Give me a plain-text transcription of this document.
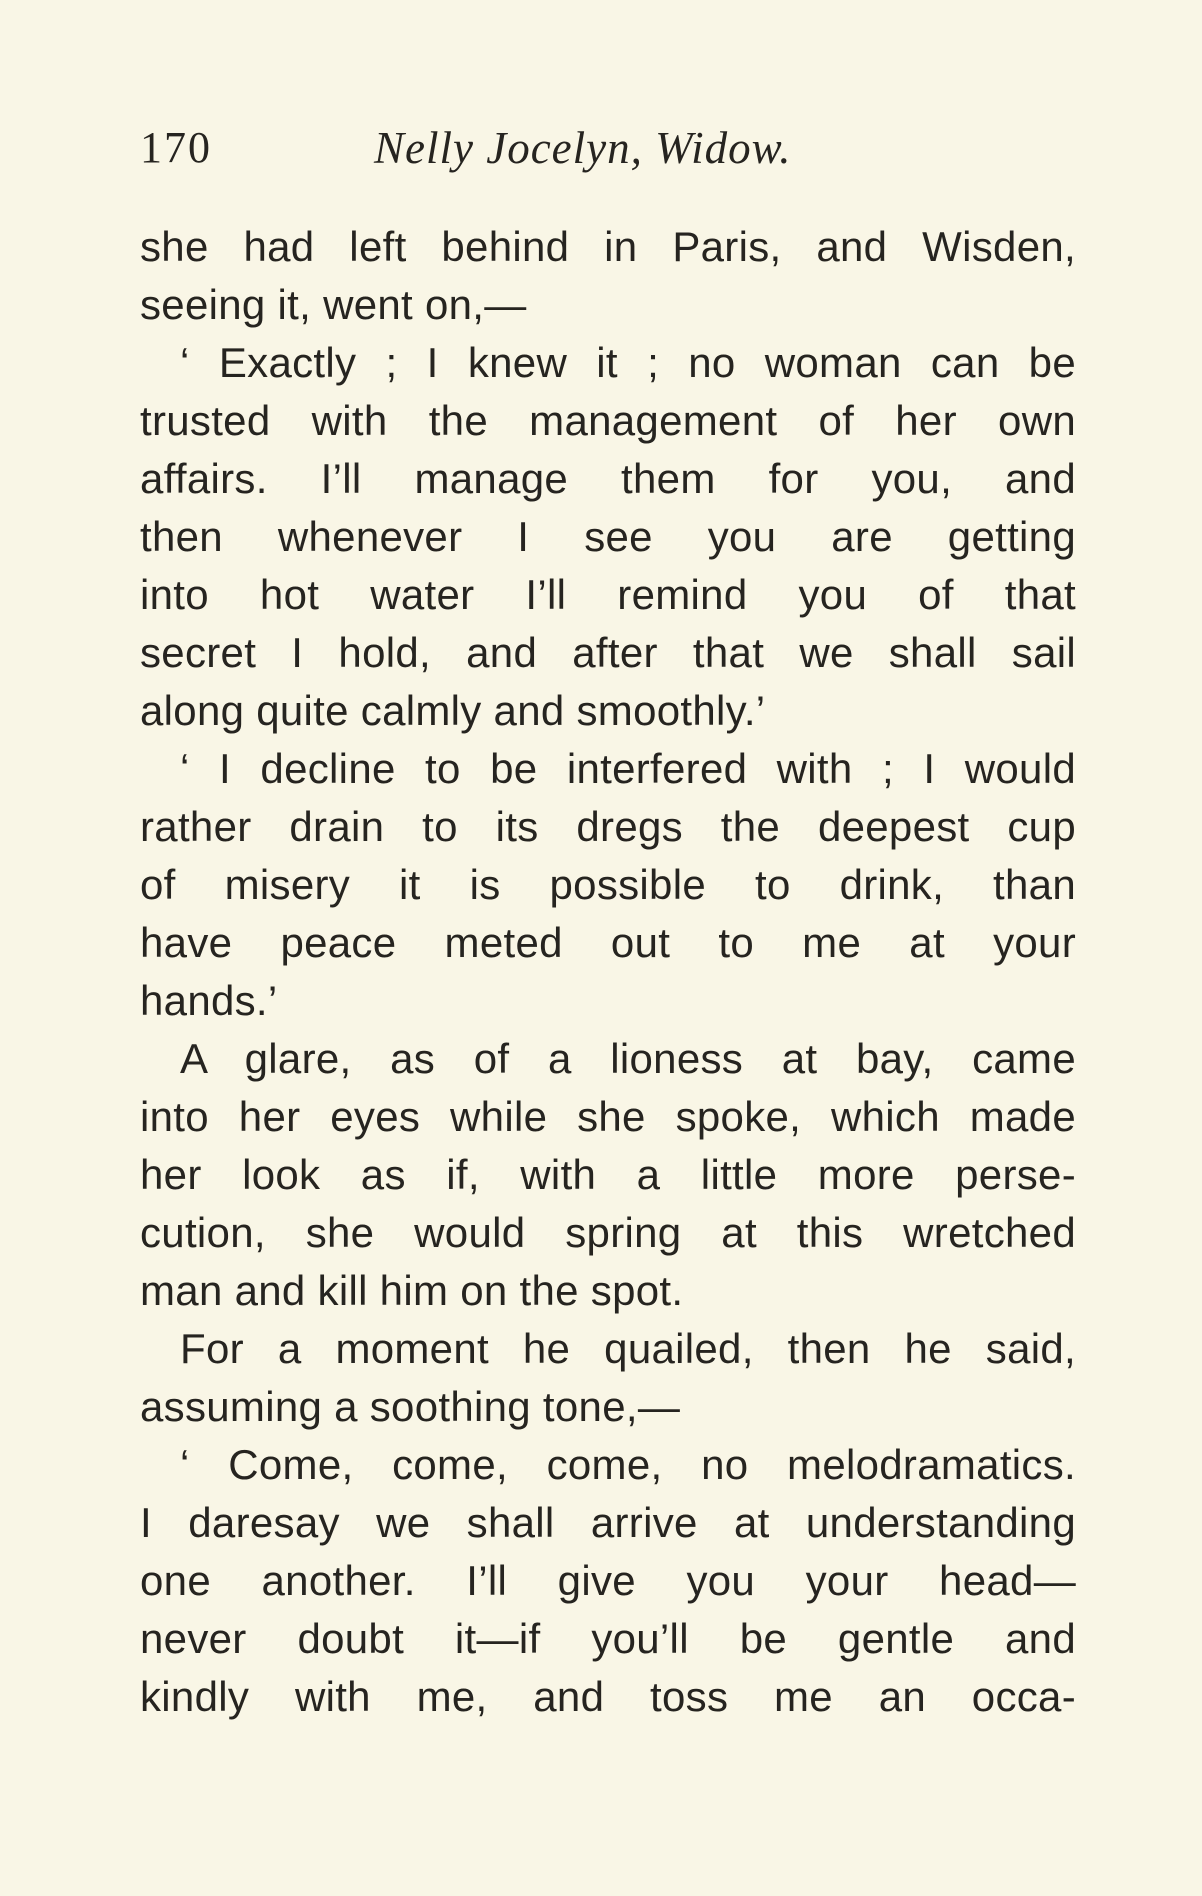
170	Nelly Jocelyn, Widow.
she had left behind in Paris, and Wisden,
seeing it, went on,—
‘ Exactly ; I knew it ; no woman can be
trusted with the management of her own
affairs. I’ll manage them for you, and
then whenever I see you are getting
into hot water I’ll remind you of that
secret I hold, and after that we shall sail
along quite calmly and smoothly.’
‘ I decline to be interfered with ; I would
rather drain to its dregs the deepest cup
of misery it is possible to drink, than
have peace meted out to me at your
hands.’
A glare, as of a lioness at bay, came
into her eyes while she spoke, which made
her look as if, with a little more perse-
cution, she would spring at this wretched
man and kill him on the spot.
For a moment he quailed, then he said,
assuming a soothing tone,—
‘ Come, come, come, no melodramatics.
I daresay we shall arrive at understanding
one another. I’ll give you your head—
never doubt it—if you’ll be gentle and
kindly with me, and toss me an occa-
